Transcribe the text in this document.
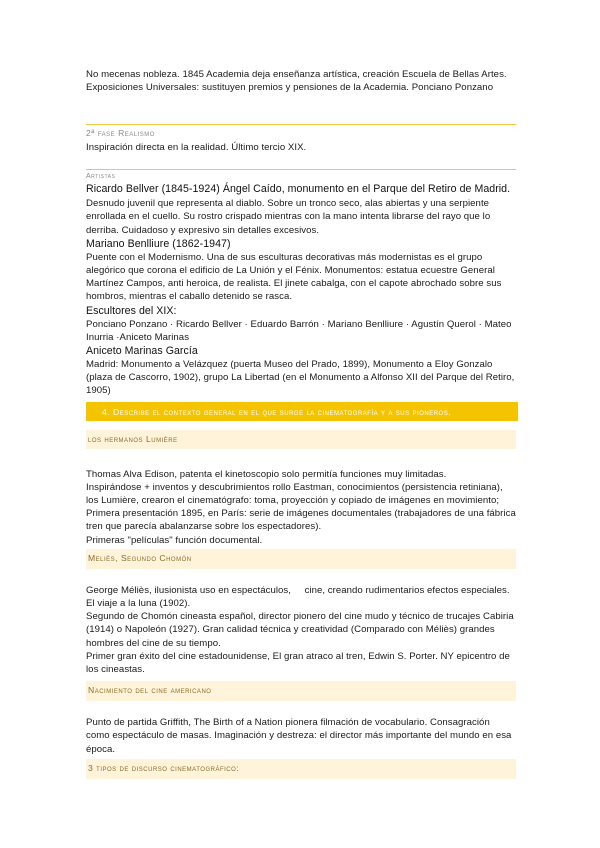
No mecenas nobleza. 1845 Academia deja enseñanza artística, creación Escuela de Bellas Artes. Exposiciones Universales: sustituyen premios y pensiones de la Academia. Ponciano Ponzano

2ª fase Realismo

Inspiración directa en la realidad. Último tercio XIX.

Artistas

Ricardo Bellver (1845-1924) Ángel Caído, monumento en el Parque del Retiro de Madrid.

Desnudo juvenil que representa al diablo. Sobre un tronco seco, alas abiertas y una serpiente enrollada en el cuello. Su rostro crispado mientras con la mano intenta librarse del rayo que lo derriba. Cuidadoso y expresivo sin detalles excesivos.

Mariano Benlliure (1862-1947)

Puente con el Modernismo. Una de sus esculturas decorativas más modernistas es el grupo alegórico que corona el edificio de La Unión y el Fénix. Monumentos: estatua ecuestre General Martínez Campos, anti heroica, de realista. El jinete cabalga, con el capote abrochado sobre sus hombros, mientras el caballo detenido se rasca.

Escultores del XIX:

Ponciano Ponzano · Ricardo Bellver · Eduardo Barrón · Mariano Benlliure · Agustín Querol · Mateo Inurria ·Aniceto Marinas

Aniceto Marinas García

Madrid: Monumento a Velázquez (puerta Museo del Prado, 1899), Monumento a Eloy Gonzalo (plaza de Cascorro, 1902), grupo La Libertad (en el Monumento a Alfonso XII del Parque del Retiro, 1905)

4. Describe el contexto general en el que surge la cinematografía y a sus pioneros.
los hermanos Lumière

Thomas Alva Edison, patenta el kinetoscopio solo permitía funciones muy limitadas.

Inspirándose + inventos y descubrimientos rollo Eastman, conocimientos (persistencia retiniana), los Lumière, crearon el cinematógrafo: toma, proyección y copiado de imágenes en movimiento;

Primera presentación 1895, en París: serie de imágenes documentales (trabajadores de una fábrica tren que parecía abalanzarse sobre los espectadores).

Primeras "películas" función documental.

Meliès, Segundo Chomón

George Méliès, ilusionista uso en espectáculos,     cine, creando rudimentarios efectos especiales. El viaje a la luna (1902).

Segundo de Chomón cineasta español, director pionero del cine mudo y técnico de trucajes Cabiria (1914) o Napoleón (1927). Gran calidad técnica y creatividad (Comparado con Méliès) grandes hombres del cine de su tiempo.

Primer gran éxito del cine estadounidense, El gran atraco al tren, Edwin S. Porter. NY epicentro de los cineastas.

Nacimiento del cine americano

Punto de partida Griffith, The Birth of a Nation pionera filmación de vocabulario. Consagración como espectáculo de masas. Imaginación y destreza: el director más importante del mundo en esa época.

3 tipos de discurso cinematográfico:
